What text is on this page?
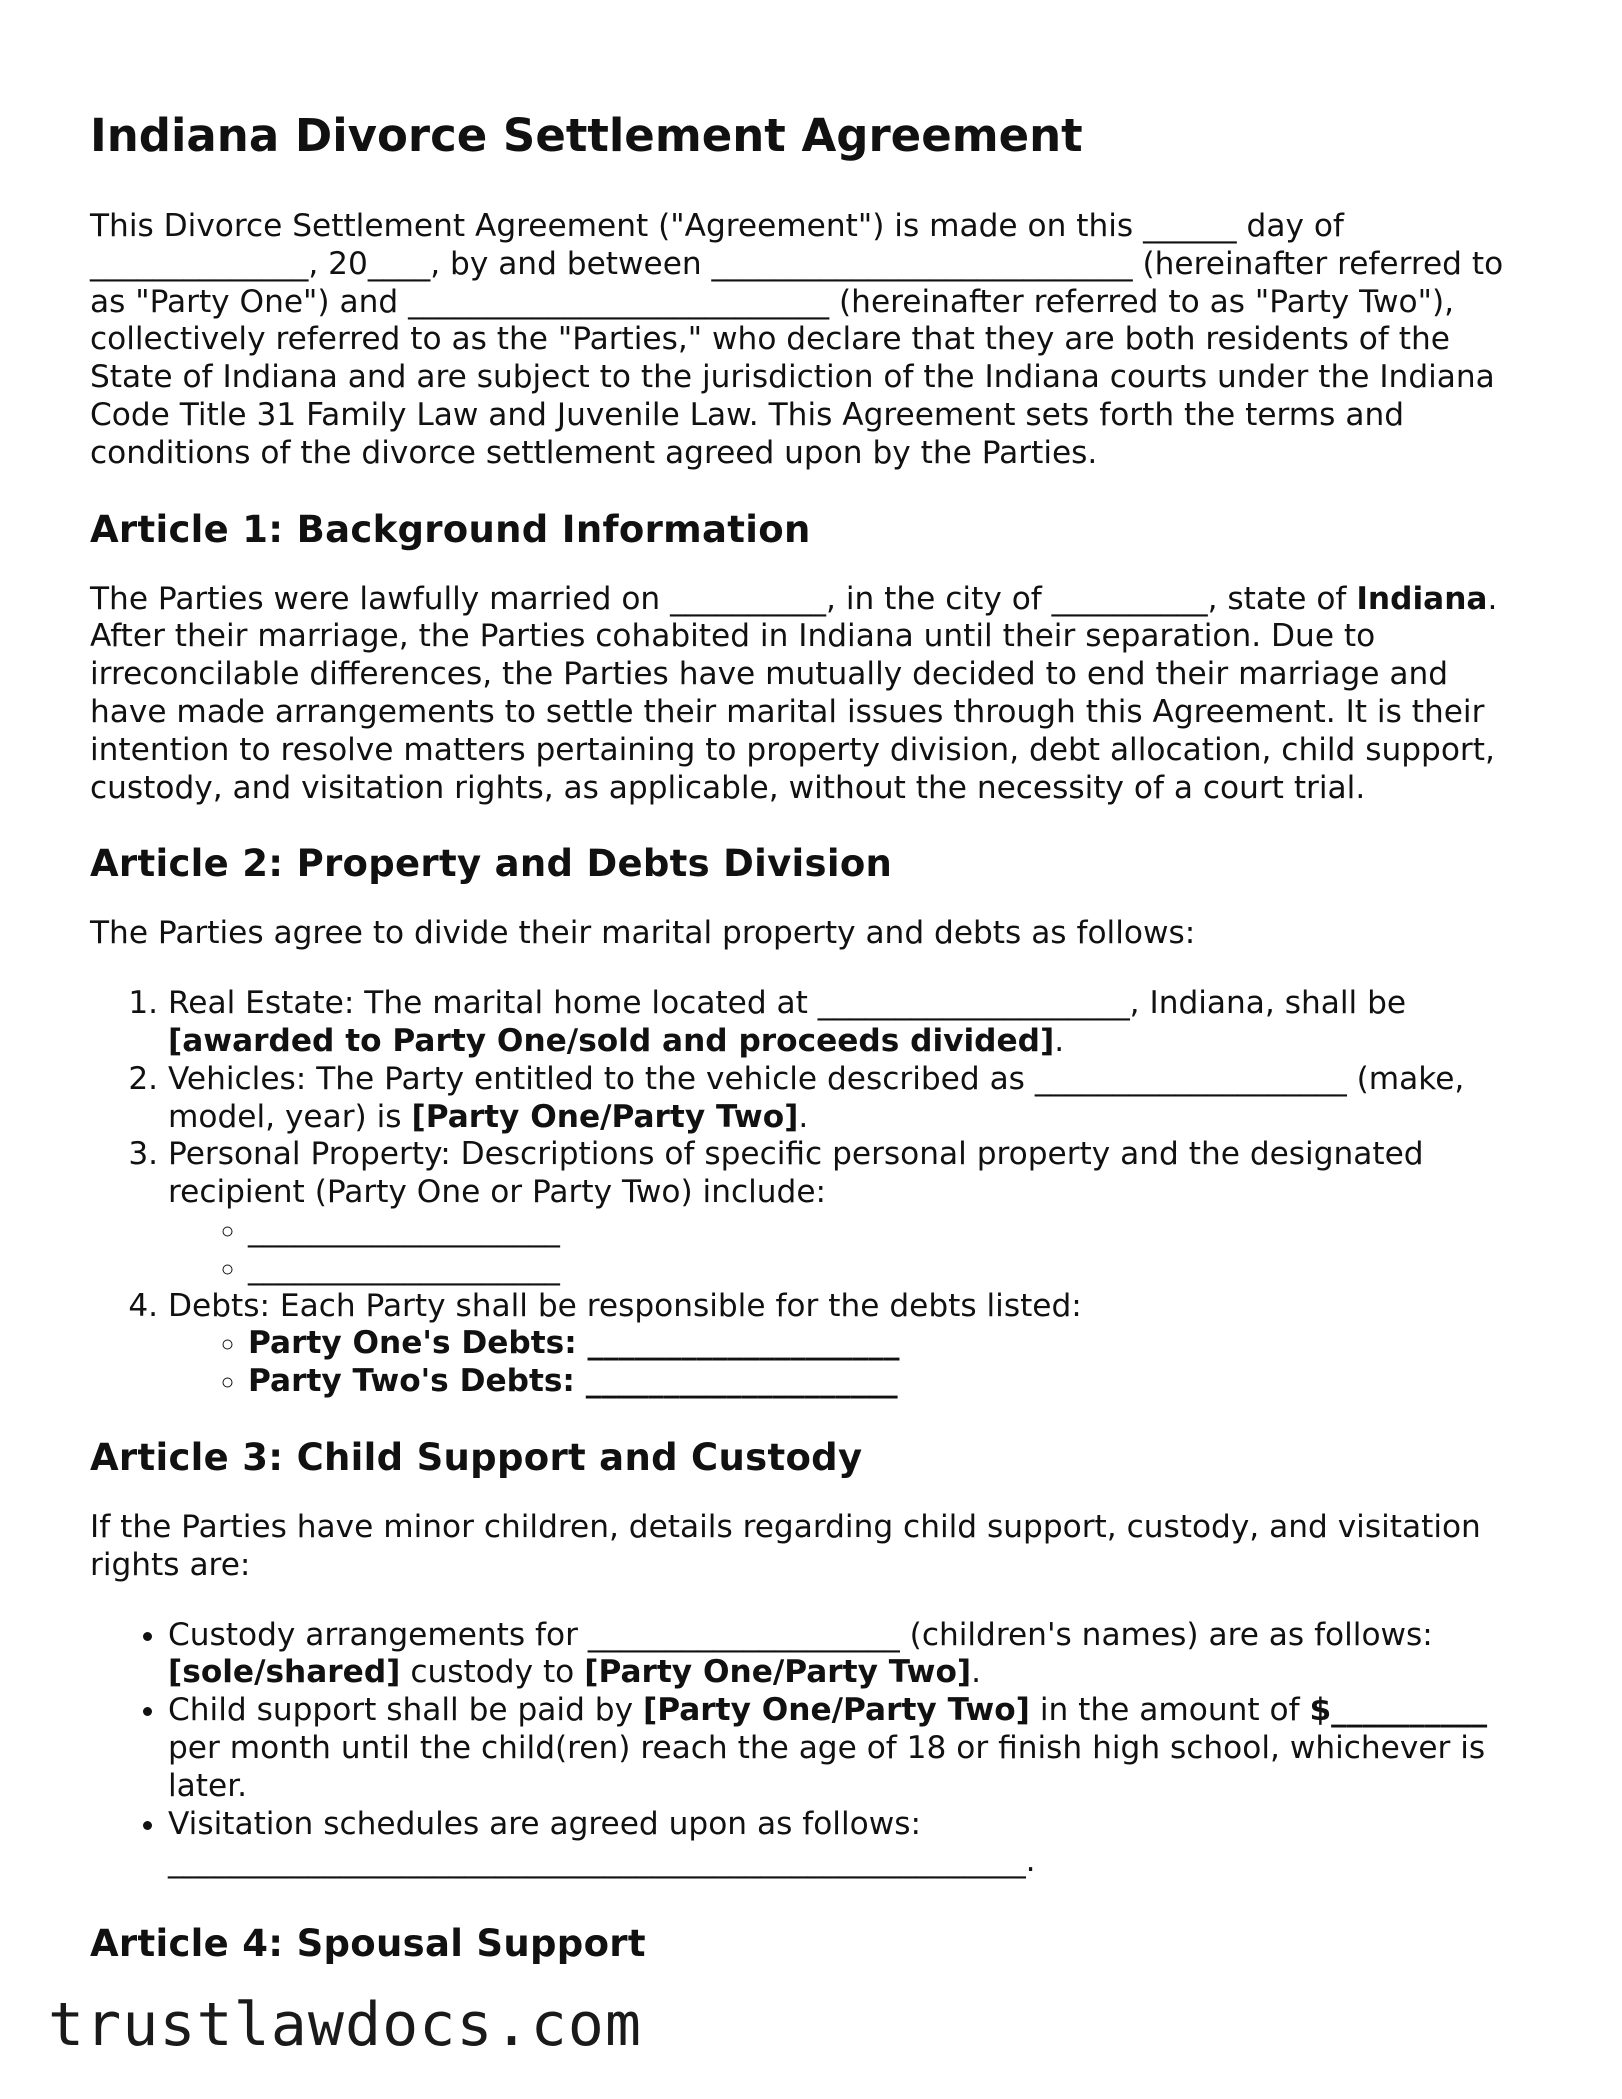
Indiana Divorce Settlement Agreement

This Divorce Settlement Agreement ("Agreement") is made on this ______ day of ______________, 20____, by and between ___________________________ (hereinafter referred to as "Party One") and ___________________________ (hereinafter referred to as "Party Two"), collectively referred to as the "Parties," who declare that they are both residents of the State of Indiana and are subject to the jurisdiction of the Indiana courts under the Indiana Code Title 31 Family Law and Juvenile Law. This Agreement sets forth the terms and conditions of the divorce settlement agreed upon by the Parties.

Article 1: Background Information

The Parties were lawfully married on __________, in the city of __________, state of Indiana. After their marriage, the Parties cohabited in Indiana until their separation. Due to irreconcilable differences, the Parties have mutually decided to end their marriage and have made arrangements to settle their marital issues through this Agreement. It is their intention to resolve matters pertaining to property division, debt allocation, child support, custody, and visitation rights, as applicable, without the necessity of a court trial.

Article 2: Property and Debts Division

The Parties agree to divide their marital property and debts as follows:

1. Real Estate: The marital home located at ____________________, Indiana, shall be [awarded to Party One/sold and proceeds divided].
2. Vehicles: The Party entitled to the vehicle described as ____________________ (make, model, year) is [Party One/Party Two].
3. Personal Property: Descriptions of specific personal property and the designated recipient (Party One or Party Two) include:
◦ ____________________
◦ ____________________
4. Debts: Each Party shall be responsible for the debts listed:
◦ Party One's Debts: ____________________
◦ Party Two's Debts: ____________________
Article 3: Child Support and Custody

If the Parties have minor children, details regarding child support, custody, and visitation rights are:

• Custody arrangements for ____________________ (children's names) are as follows: [sole/shared] custody to [Party One/Party Two].
• Child support shall be paid by [Party One/Party Two] in the amount of $__________ per month until the child(ren) reach the age of 18 or finish high school, whichever is later.
• Visitation schedules are agreed upon as follows: _______________________________________________________.
Article 4: Spousal Support
trustlawdocs.com
